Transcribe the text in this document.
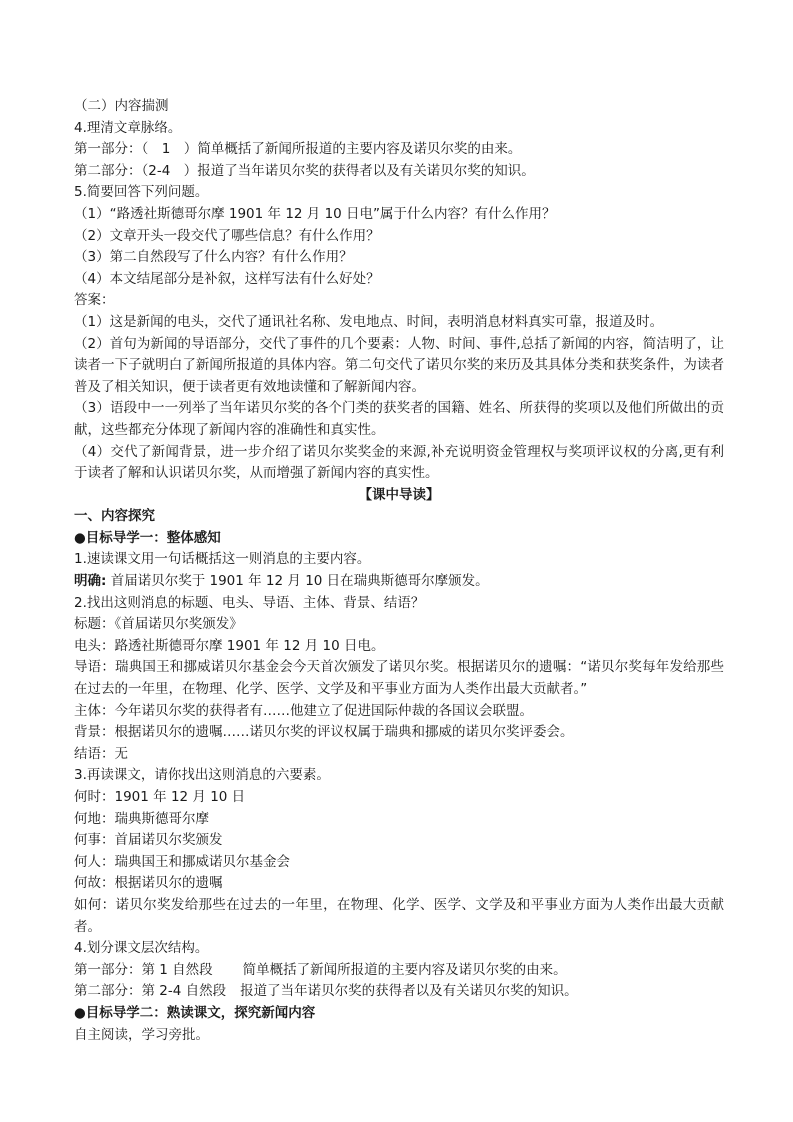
（二）内容揣测

4.理清文章脉络。

第一部分：（　1　）简单概括了新闻所报道的主要内容及诺贝尔奖的由来。

第二部分：（2-4　）报道了当年诺贝尔奖的获得者以及有关诺贝尔奖的知识。

5.简要回答下列问题。

（1）“路透社斯德哥尔摩 1901 年 12 月 10 日电”属于什么内容？有什么作用？

（2）文章开头一段交代了哪些信息？有什么作用？

（3）第二自然段写了什么内容？有什么作用？

（4）本文结尾部分是补叙，这样写法有什么好处？

答案：

（1）这是新闻的电头，交代了通讯社名称、发电地点、时间，表明消息材料真实可靠，报道及时。

（2）首句为新闻的导语部分，交代了事件的几个要素：人物、时间、事件,总括了新闻的内容，简洁明了，让读者一下子就明白了新闻所报道的具体内容。第二句交代了诺贝尔奖的来历及其具体分类和获奖条件，为读者普及了相关知识，便于读者更有效地读懂和了解新闻内容。

（3）语段中一一列举了当年诺贝尔奖的各个门类的获奖者的国籍、姓名、所获得的奖项以及他们所做出的贡献，这些都充分体现了新闻内容的准确性和真实性。

（4）交代了新闻背景，进一步介绍了诺贝尔奖奖金的来源,补充说明资金管理权与奖项评议权的分离,更有利于读者了解和认识诺贝尔奖，从而增强了新闻内容的真实性。

【课中导读】

一、内容探究

●目标导学一：整体感知

1.速读课文用一句话概括这一则消息的主要内容。

明确: 首届诺贝尔奖于 1901 年 12 月 10 日在瑞典斯德哥尔摩颁发。

2.找出这则消息的标题、电头、导语、主体、背景、结语？

标题：《首届诺贝尔奖颁发》

电头：路透社斯德哥尔摩 1901 年 12 月 10 日电。

导语：瑞典国王和挪威诺贝尔基金会今天首次颁发了诺贝尔奖。根据诺贝尔的遗嘱：“诺贝尔奖每年发给那些在过去的一年里，在物理、化学、医学、文学及和平事业方面为人类作出最大贡献者。”

主体：今年诺贝尔奖的获得者有……他建立了促进国际仲裁的各国议会联盟。

背景：根据诺贝尔的遗嘱……诺贝尔奖的评议权属于瑞典和挪威的诺贝尔奖评委会。

结语：无

3.再读课文，请你找出这则消息的六要素。

何时：1901 年 12 月 10 日

何地：瑞典斯德哥尔摩

何事：首届诺贝尔奖颁发

何人：瑞典国王和挪威诺贝尔基金会

何故：根据诺贝尔的遗嘱

如何：诺贝尔奖发给那些在过去的一年里，在物理、化学、医学、文学及和平事业方面为人类作出最大贡献者。

4.划分课文层次结构。

第一部分：第 1 自然段 简单概括了新闻所报道的主要内容及诺贝尔奖的由来。

第二部分：第 2-4 自然段 报道了当年诺贝尔奖的获得者以及有关诺贝尔奖的知识。

●目标导学二：熟读课文，探究新闻内容

自主阅读，学习旁批。
